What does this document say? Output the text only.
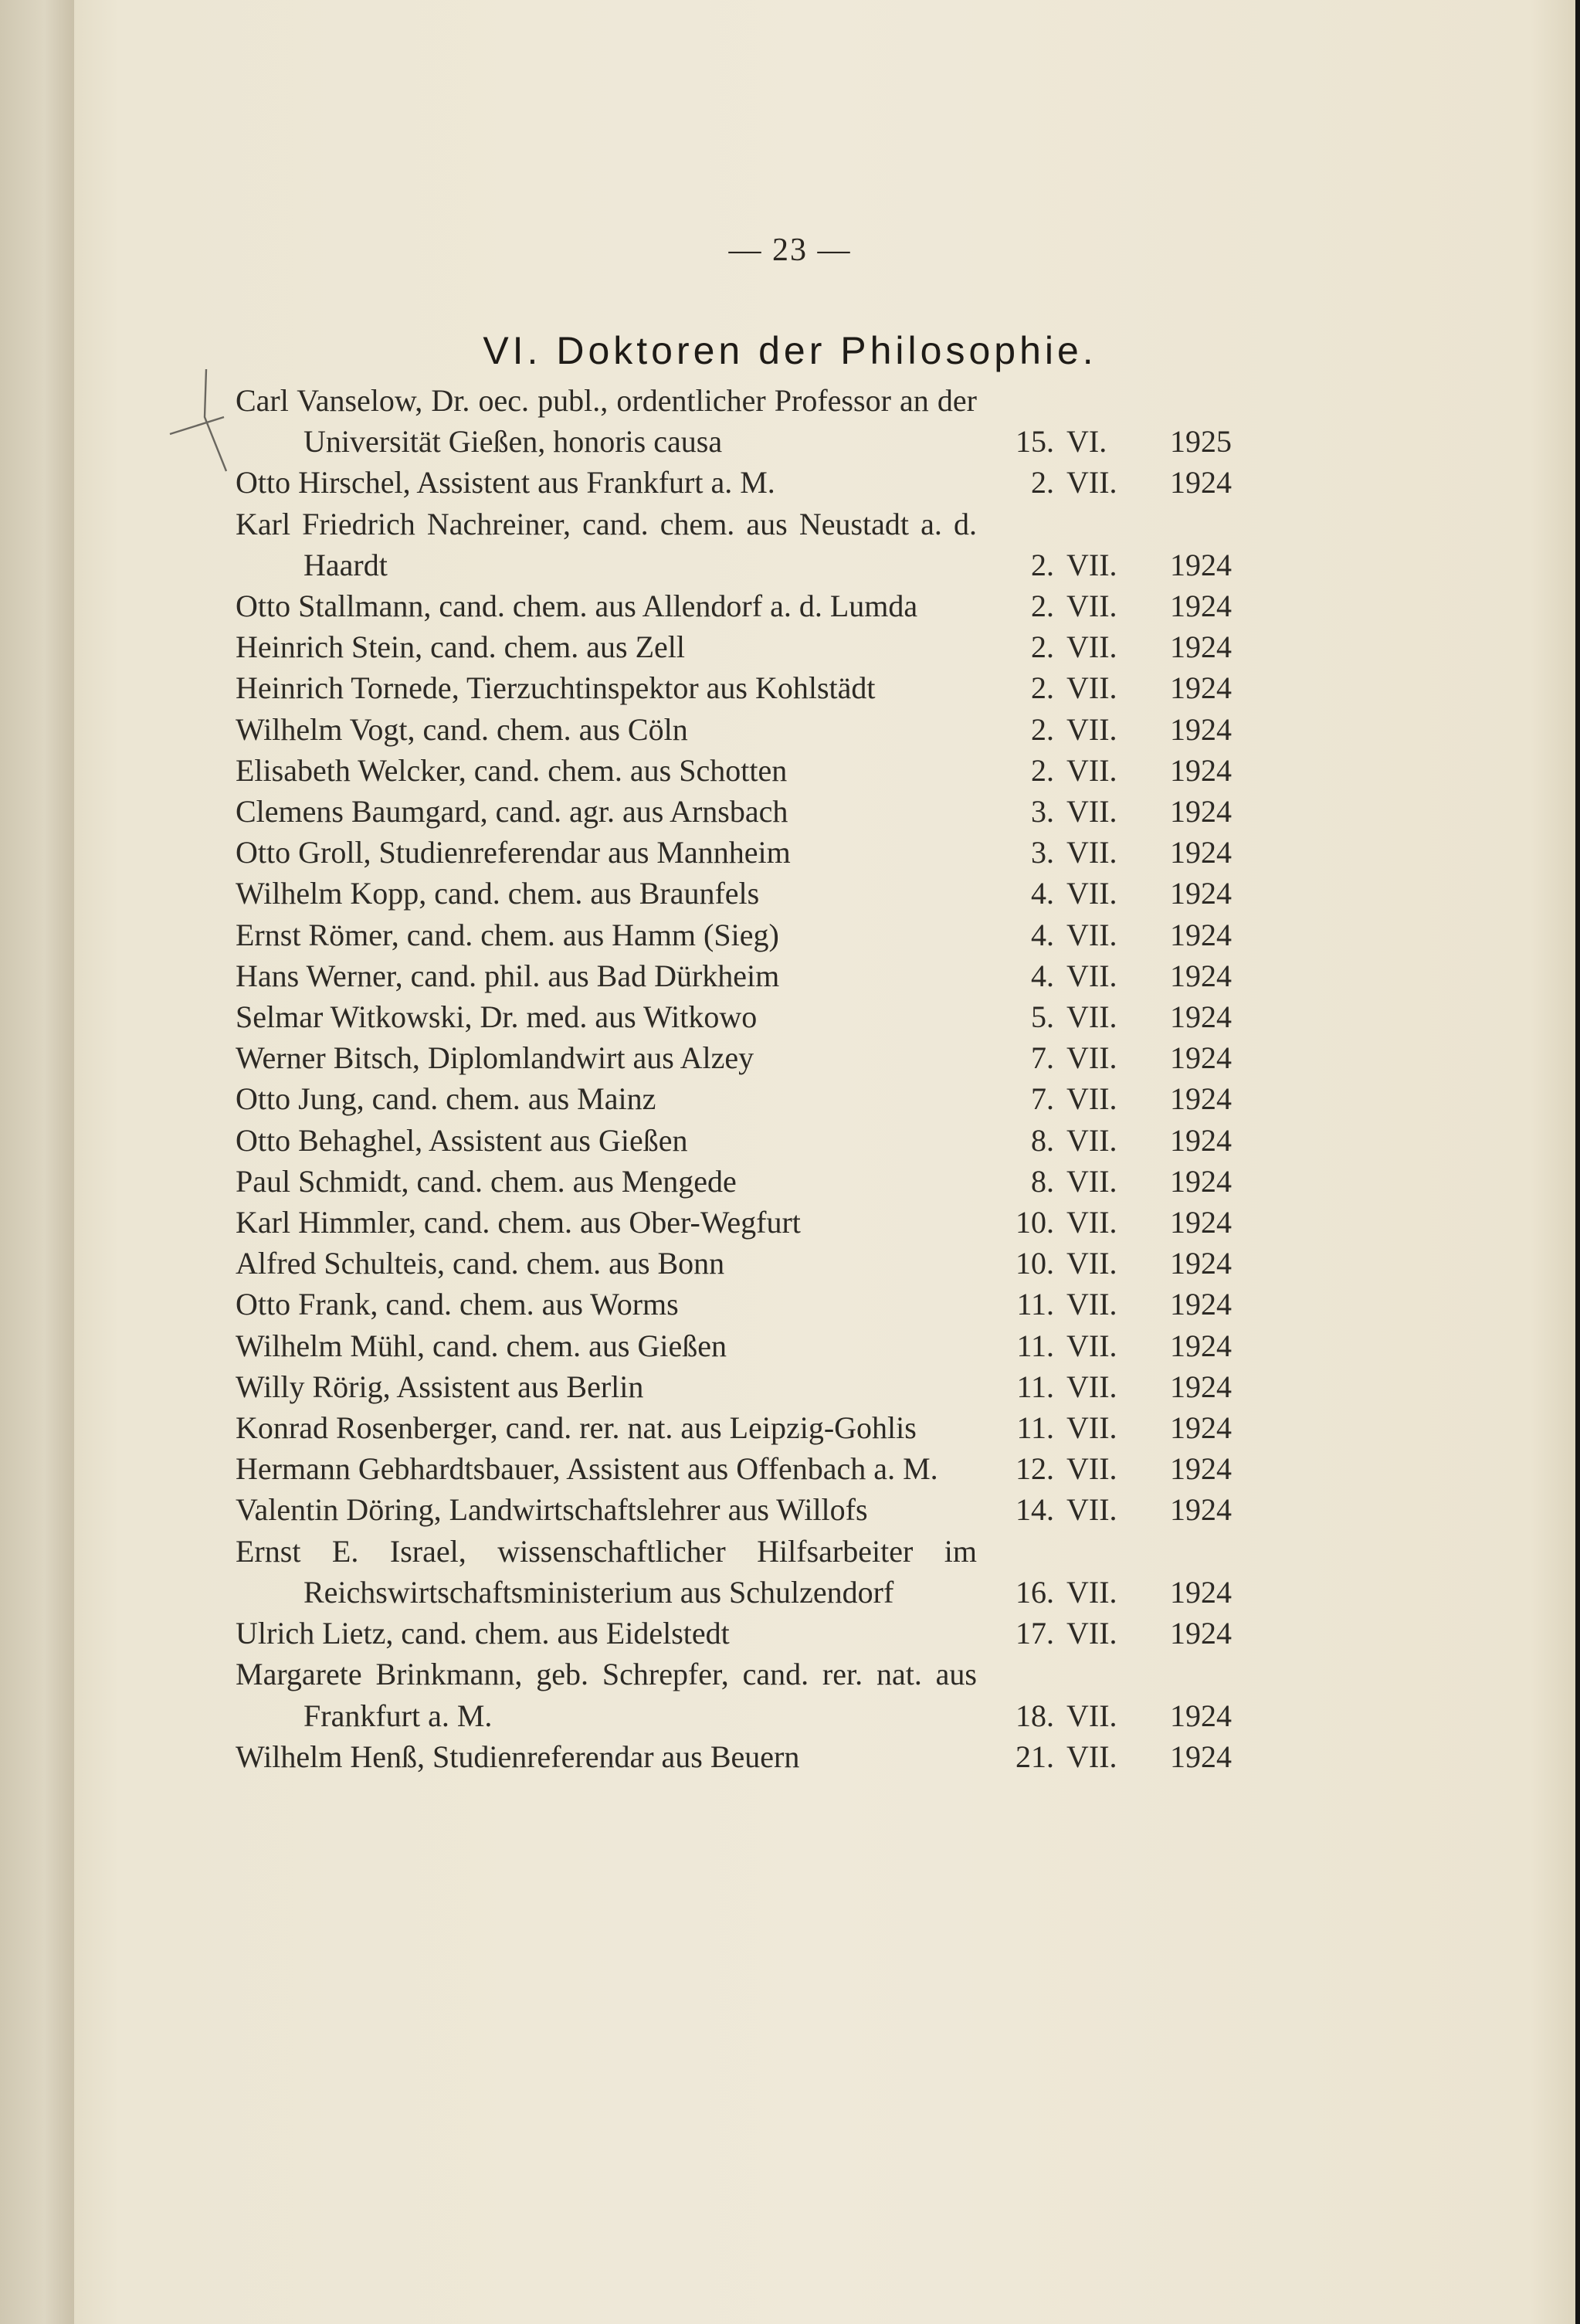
— 23 —
VI. Doktoren der Philosophie.
Carl Vanselow, Dr. oec. publ., ordentlicher Professor an der Universität Gießen, honoris causa	15. VI.	1925
Otto Hirschel, Assistent aus Frankfurt a. M.	2. VII.	1924
Karl Friedrich Nachreiner, cand. chem. aus Neustadt a. d. Haardt	2. VII.	1924
Otto Stallmann, cand. chem. aus Allendorf a. d. Lumda	2. VII.	1924
Heinrich Stein, cand. chem. aus Zell	2. VII.	1924
Heinrich Tornede, Tierzuchtinspektor aus Kohlstädt	2. VII.	1924
Wilhelm Vogt, cand. chem. aus Cöln	2. VII.	1924
Elisabeth Welcker, cand. chem. aus Schotten	2. VII.	1924
Clemens Baumgard, cand. agr. aus Arnsbach	3. VII.	1924
Otto Groll, Studienreferendar aus Mannheim	3. VII.	1924
Wilhelm Kopp, cand. chem. aus Braunfels	4. VII.	1924
Ernst Römer, cand. chem. aus Hamm (Sieg)	4. VII.	1924
Hans Werner, cand. phil. aus Bad Dürkheim	4. VII.	1924
Selmar Witkowski, Dr. med. aus Witkowo	5. VII.	1924
Werner Bitsch, Diplomlandwirt aus Alzey	7. VII.	1924
Otto Jung, cand. chem. aus Mainz	7. VII.	1924
Otto Behaghel, Assistent aus Gießen	8. VII.	1924
Paul Schmidt, cand. chem. aus Mengede	8. VII.	1924
Karl Himmler, cand. chem. aus Ober-Wegfurt	10. VII.	1924
Alfred Schulteis, cand. chem. aus Bonn	10. VII.	1924
Otto Frank, cand. chem. aus Worms	11. VII.	1924
Wilhelm Mühl, cand. chem. aus Gießen	11. VII.	1924
Willy Rörig, Assistent aus Berlin	11. VII.	1924
Konrad Rosenberger, cand. rer. nat. aus Leipzig-Gohlis	11. VII.	1924
Hermann Gebhardtsbauer, Assistent aus Offenbach a. M.	12. VII.	1924
Valentin Döring, Landwirtschaftslehrer aus Willofs	14. VII.	1924
Ernst E. Israel, wissenschaftlicher Hilfsarbeiter im Reichswirtschaftsministerium aus Schulzendorf	16. VII.	1924
Ulrich Lietz, cand. chem. aus Eidelstedt	17. VII.	1924
Margarete Brinkmann, geb. Schrepfer, cand. rer. nat. aus Frankfurt a. M.	18. VII.	1924
Wilhelm Henß, Studienreferendar aus Beuern	21. VII.	1924
